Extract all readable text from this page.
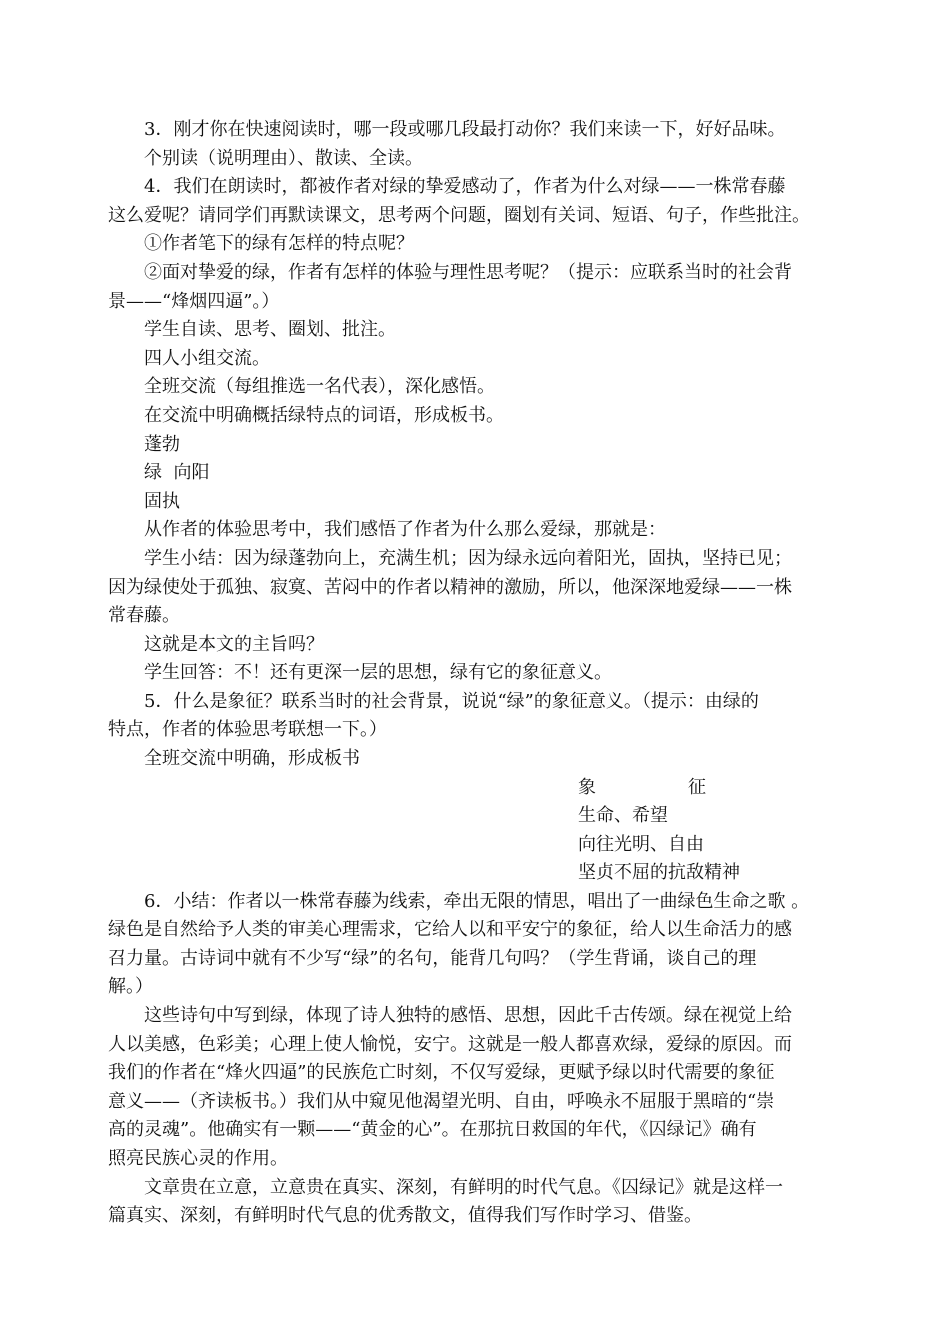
3．刚才你在快速阅读时，哪一段或哪几段最打动你？我们来读一下，好好品味。

个别读（说明理由）、散读、全读。

4．我们在朗读时，都被作者对绿的挚爱感动了，作者为什么对绿——一株常春藤
这么爱呢？请同学们再默读课文，思考两个问题，圈划有关词、短语、句子，作些批注。

①作者笔下的绿有怎样的特点呢？

②面对挚爱的绿，作者有怎样的体验与理性思考呢？（提示：应联系当时的社会背
景——“烽烟四逼”。）

学生自读、思考、圈划、批注。

四人小组交流。

全班交流（每组推选一名代表），深化感悟。

在交流中明确概括绿特点的词语，形成板书。

蓬勃
绿  向阳
固执

从作者的体验思考中，我们感悟了作者为什么那么爱绿，那就是：

学生小结：因为绿蓬勃向上，充满生机；因为绿永远向着阳光，固执，坚持已见；
因为绿使处于孤独、寂寞、苦闷中的作者以精神的激励，所以，他深深地爱绿——一株
常春藤。

这就是本文的主旨吗？

学生回答：不！还有更深一层的思想，绿有它的象征意义。

5．什么是象征？联系当时的社会背景，说说“绿”的象征意义。（提示：由绿的
特点，作者的体验思考联想一下。）

全班交流中明确，形成板书

象	征
生命、希望
向往光明、自由
坚贞不屈的抗敌精神

6．小结：作者以一株常春藤为线索，牵出无限的情思，唱出了一曲绿色生命之歌 。
绿色是自然给予人类的审美心理需求，它给人以和平安宁的象征，给人以生命活力的感
召力量。古诗词中就有不少写“绿”的名句，能背几句吗？（学生背诵，谈自己的理
解。）

这些诗句中写到绿，体现了诗人独特的感悟、思想，因此千古传颂。绿在视觉上给
人以美感，色彩美；心理上使人愉悦，安宁。这就是一般人都喜欢绿，爱绿的原因。而
我们的作者在“烽火四逼”的民族危亡时刻，不仅写爱绿，更赋予绿以时代需要的象征
意义——（齐读板书。）我们从中窥见他渴望光明、自由，呼唤永不屈服于黑暗的“崇
高的灵魂”。他确实有一颗——“黄金的心”。在那抗日救国的年代，《囚绿记》确有
照亮民族心灵的作用。

文章贵在立意，立意贵在真实、深刻，有鲜明的时代气息。《囚绿记》就是这样一
篇真实、深刻，有鲜明时代气息的优秀散文，值得我们写作时学习、借鉴。
